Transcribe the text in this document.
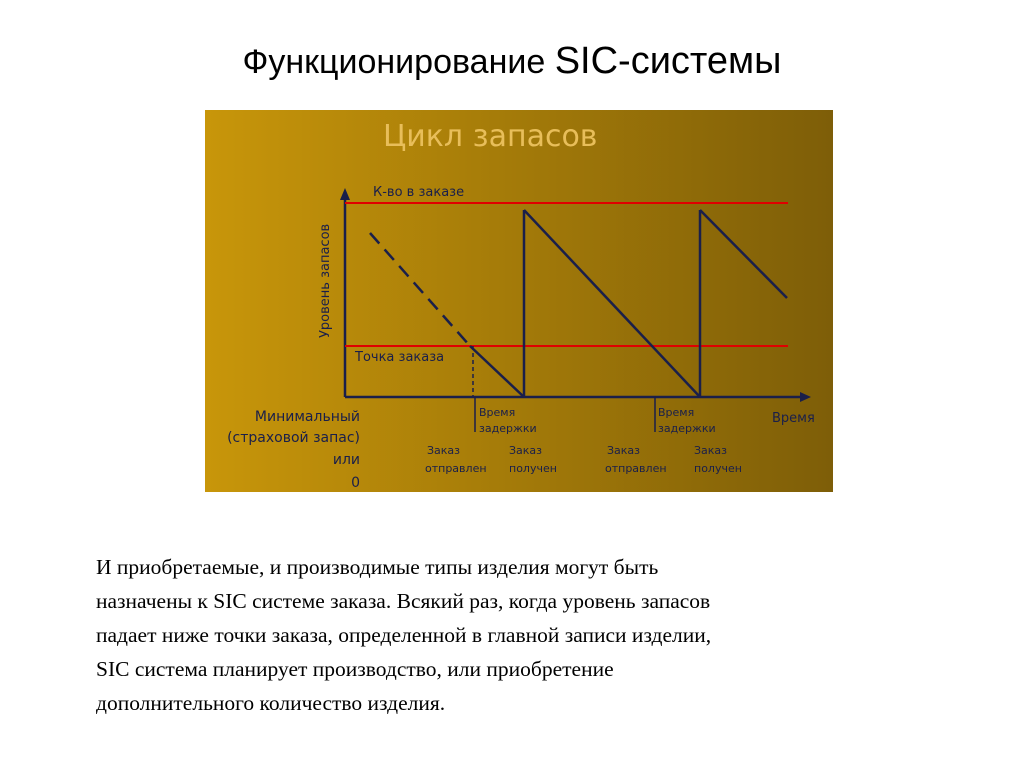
Функционирование SIC-системы
Цикл запасов
Уровень запасов
Время
К-во в заказе
Точка заказа
Минимальный
(страховой запас)
или
0
Время
задержки
Время
задержки
Заказ
отправлен
Заказ
получен
Заказ
отправлен
Заказ
получен
И приобретаемые, и производимые типы изделия могут быть
назначены к SIC системе заказа. Всякий раз, когда уровень запасов
падает ниже точки заказа, определенной в главной записи изделии,
SIC система планирует производство, или приобретение
дополнительного количество изделия.
